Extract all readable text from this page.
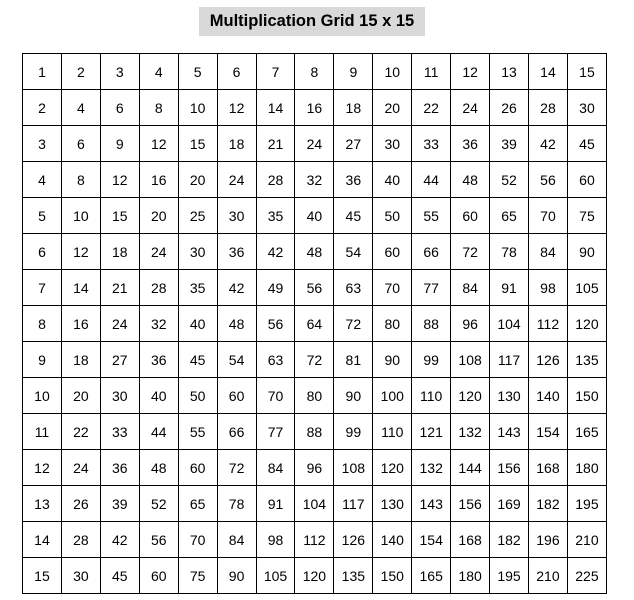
Multiplication Grid 15 x 15
1	2	3	4	5	6	7	8	9	10	11	12	13	14	15
2	4	6	8	10	12	14	16	18	20	22	24	26	28	30
3	6	9	12	15	18	21	24	27	30	33	36	39	42	45
4	8	12	16	20	24	28	32	36	40	44	48	52	56	60
5	10	15	20	25	30	35	40	45	50	55	60	65	70	75
6	12	18	24	30	36	42	48	54	60	66	72	78	84	90
7	14	21	28	35	42	49	56	63	70	77	84	91	98	105
8	16	24	32	40	48	56	64	72	80	88	96	104	112	120
9	18	27	36	45	54	63	72	81	90	99	108	117	126	135
10	20	30	40	50	60	70	80	90	100	110	120	130	140	150
11	22	33	44	55	66	77	88	99	110	121	132	143	154	165
12	24	36	48	60	72	84	96	108	120	132	144	156	168	180
13	26	39	52	65	78	91	104	117	130	143	156	169	182	195
14	28	42	56	70	84	98	112	126	140	154	168	182	196	210
15	30	45	60	75	90	105	120	135	150	165	180	195	210	225
